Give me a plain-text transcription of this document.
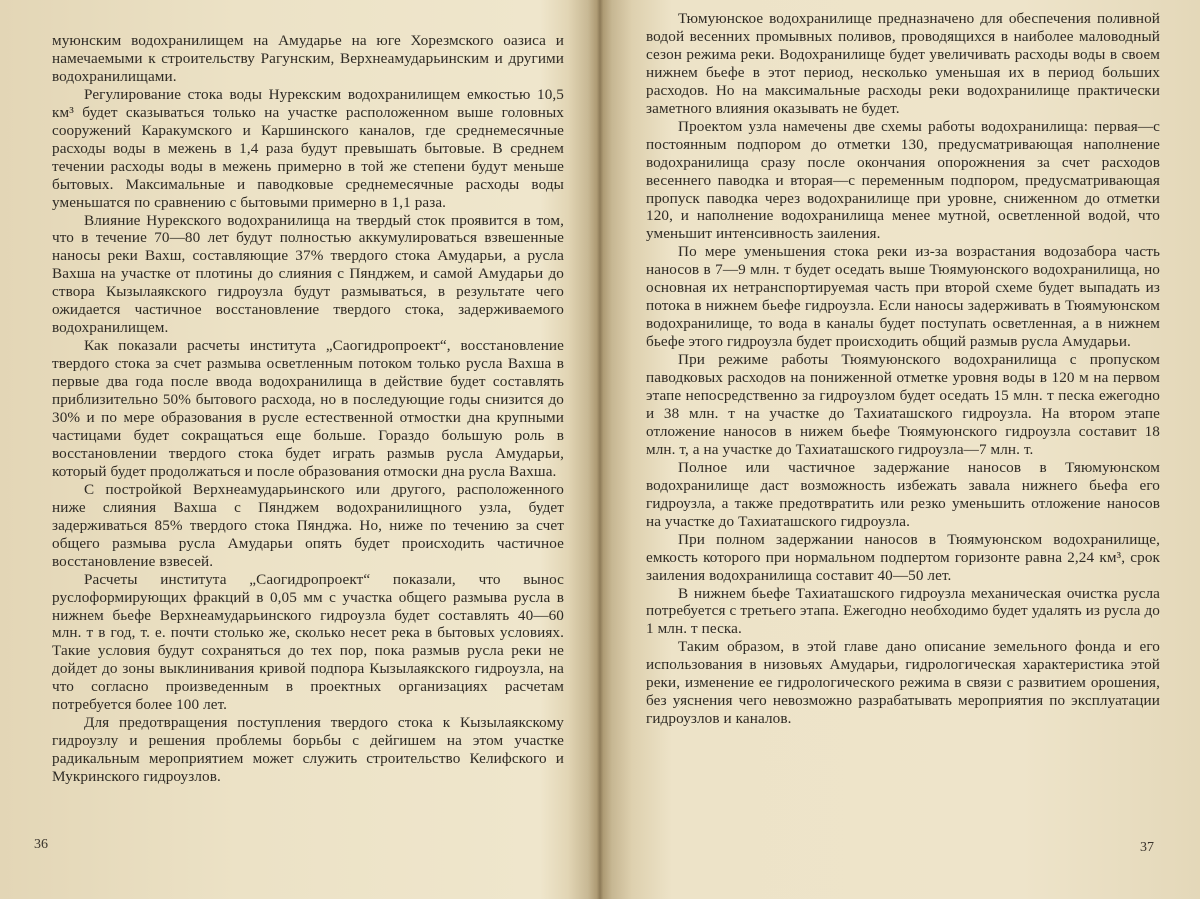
муюнским водохранилищем на Амударье на юге Хорезмского оазиса и намечаемыми к строительству Рагунским, Верхнеамударьинским и другими водохранилищами.

Регулирование стока воды Нурекским водохранилищем емкостью 10,5 км³ будет сказываться только на участке расположенном выше головных сооружений Каракумского и Каршинского каналов, где среднемесячные расходы воды в межень в 1,4 раза будут превышать бытовые. В среднем течении расходы воды в межень примерно в той же степени будут меньше бытовых. Максимальные и паводковые среднемесячные расходы воды уменьшатся по сравнению с бытовыми примерно в 1,1 раза.

Влияние Нурекского водохранилища на твердый сток проявится в том, что в течение 70—80 лет будут полностью аккумулироваться взвешенные наносы реки Вахш, составляющие 37% твердого стока Амударьи, а русла Вахша на участке от плотины до слияния с Пянджем, и самой Амударьи до створа Кызылаякского гидроузла будут размываться, в результате чего ожидается частичное восстановление твердого стока, задерживаемого водохранилищем.

Как показали расчеты института „Саогидропроект“, восстановление твердого стока за счет размыва осветленным потоком только русла Вахша в первые два года после ввода водохранилища в действие будет составлять приблизительно 50% бытового расхода, но в последующие годы снизится до 30% и по мере образования в русле естественной отмостки дна крупными частицами будет сокращаться еще больше. Гораздо большую роль в восстановлении твердого стока будет играть размыв русла Амударьи, который будет продолжаться и после образования отмоски дна русла Вахша.

С постройкой Верхнеамударьинского или другого, расположенного ниже слияния Вахша с Пянджем водохранилищного узла, будет задерживаться 85% твердого стока Пянджа. Но, ниже по течению за счет общего размыва русла Амударьи опять будет происходить частичное восстановление взвесей.

Расчеты института „Саогидропроект“ показали, что вынос руслоформирующих фракций в 0,05 мм с участка общего размыва русла в нижнем бьефе Верхнеамударьинского гидроузла будет составлять 40—60 млн. т в год, т. е. почти столько же, сколько несет река в бытовых условиях. Такие условия будут сохраняться до тех пор, пока размыв русла реки не дойдет до зоны выклинивания кривой подпора Кызылаякского гидроузла, на что согласно произведенным в проектных организациях расчетам потребуется более 100 лет.

Для предотвращения поступления твердого стока к Кызылаякскому гидроузлу и решения проблемы борьбы с дейгишем на этом участке радикальным мероприятием может служить строительство Келифского и Мукринского гидроузлов.

36

Тюмуюнское водохранилище предназначено для обеспечения поливной водой весенних промывных поливов, проводящихся в наиболее маловодный сезон режима реки. Водохранилище будет увеличивать расходы воды в своем нижнем бьефе в этот период, несколько уменьшая их в период больших расходов. Но на максимальные расходы реки водохранилище практически заметного влияния оказывать не будет.

Проектом узла намечены две схемы работы водохранилища: первая—с постоянным подпором до отметки 130, предусматривающая наполнение водохранилища сразу после окончания опорожнения за счет расходов весеннего паводка и вторая—с переменным подпором, предусматривающая пропуск паводка через водохранилище при уровне, сниженном до отметки 120, и наполнение водохранилища менее мутной, осветленной водой, что уменьшит интенсивность заиления.

По мере уменьшения стока реки из-за возрастания водозабора часть наносов в 7—9 млн. т будет оседать выше Тюямуюнского водохранилища, но основная их нетранспортируемая часть при второй схеме будет выпадать из потока в нижнем бьефе гидроузла. Если наносы задерживать в Тюямуюнском водохранилище, то вода в каналы будет поступать осветленная, а в нижнем бьефе этого гидроузла будет происходить общий размыв русла Амударьи.

При режиме работы Тюямуюнского водохранилища с пропуском паводковых расходов на пониженной отметке уровня воды в 120 м на первом этапе непосредственно за гидроузлом будет оседать 15 млн. т песка ежегодно и 38 млн. т на участке до Тахиаташского гидроузла. На втором этапе отложение наносов в нижем бьефе Тюямуюнского гидроузла составит 18 млн. т, а на участке до Тахиаташского гидроузла—7 млн. т.

Полное или частичное задержание наносов в Тяюмуюнском водохранилище даст возможность избежать завала нижнего бьефа его гидроузла, а также предотвратить или резко уменьшить отложение наносов на участке до Тахиаташского гидроузла.

При полном задержании наносов в Тюямуюнском водохранилище, емкость которого при нормальном подпертом горизонте равна 2,24 км³, срок заиления водохранилища составит 40—50 лет.

В нижнем бьефе Тахиаташского гидроузла механическая очистка русла потребуется с третьего этапа. Ежегодно необходимо будет удалять из русла до 1 млн. т песка.

Таким образом, в этой главе дано описание земельного фонда и его использования в низовьях Амударьи, гидрологическая характеристика этой реки, изменение ее гидрологического режима в связи с развитием орошения, без уяснения чего невозможно разрабатывать мероприятия по эксплуатации гидроузлов и каналов.

37
